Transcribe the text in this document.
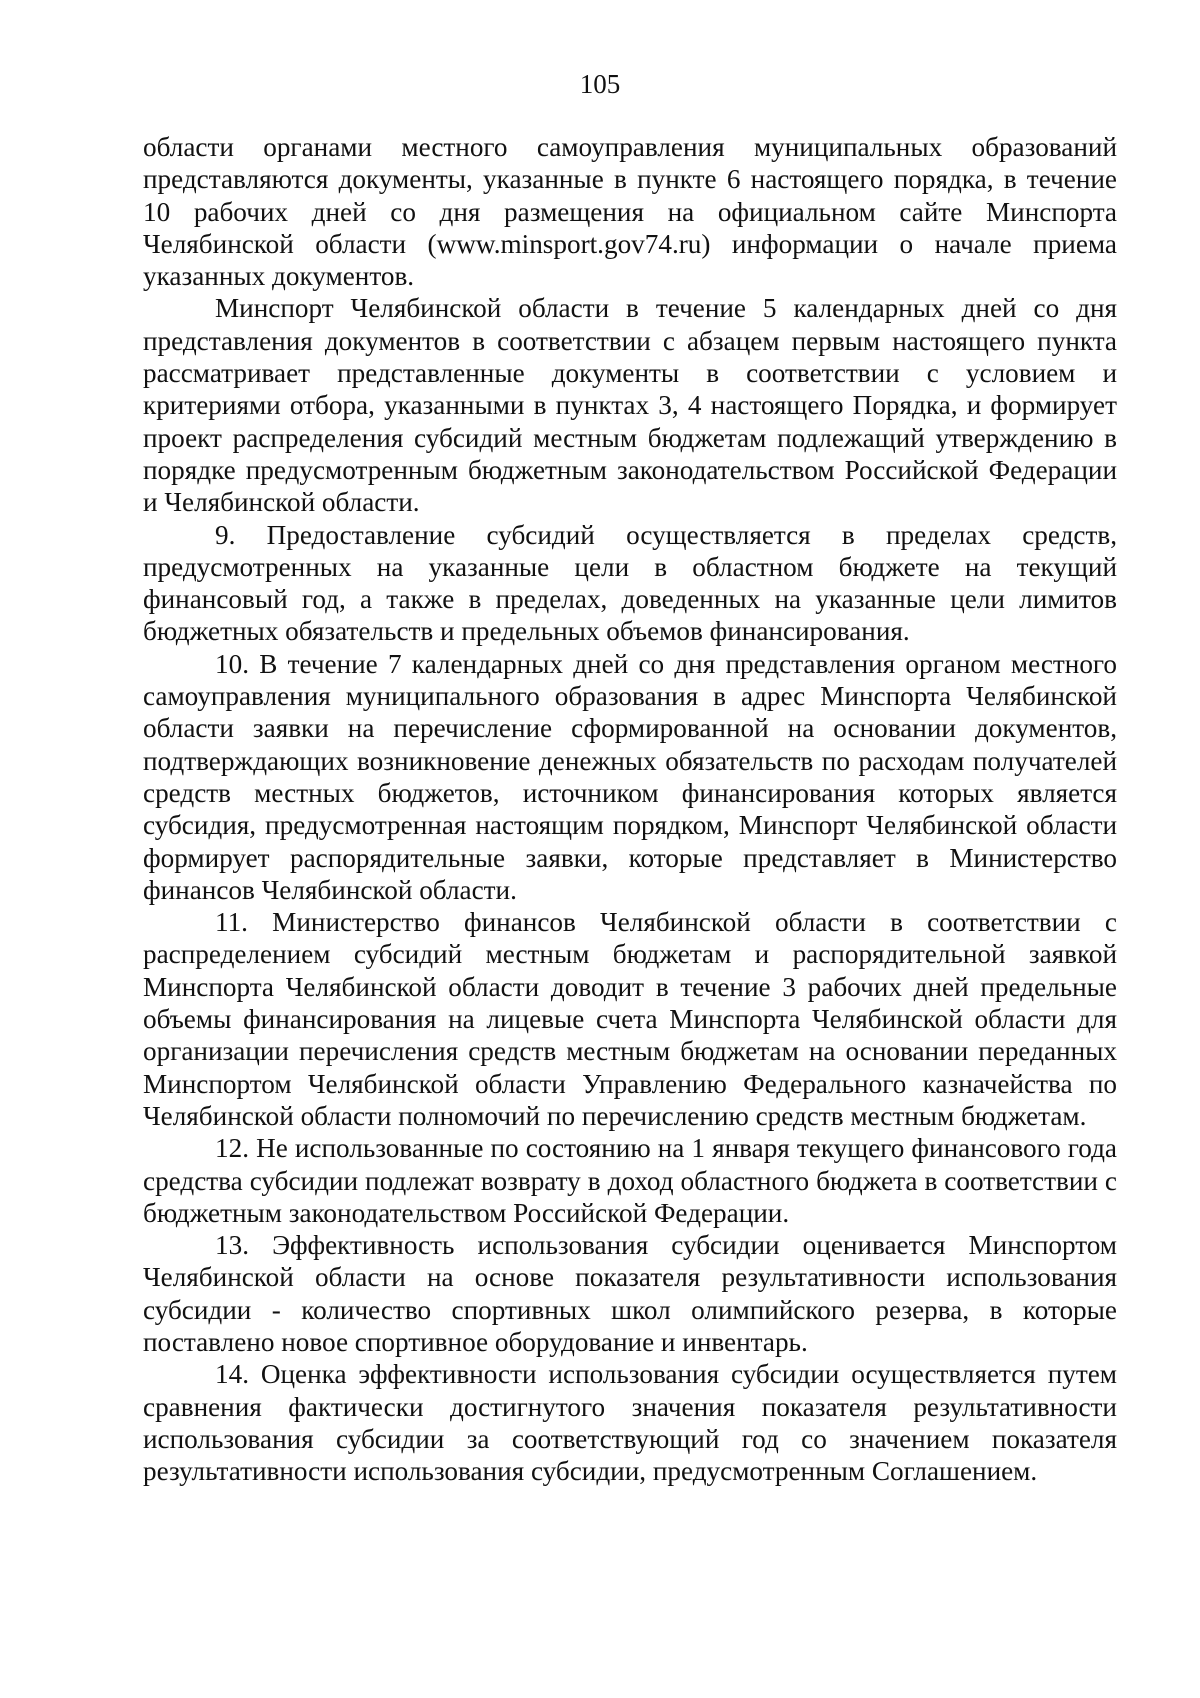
105

области органами местного самоуправления муниципальных образований представляются документы, указанные в пункте 6 настоящего порядка, в течение 10 рабочих дней со дня размещения на официальном сайте Минспорта Челябинской области (www.minsport.gov74.ru) информации о начале приема указанных документов.

Минспорт Челябинской области в течение 5 календарных дней со дня представления документов в соответствии с абзацем первым настоящего пункта рассматривает представленные документы в соответствии с условием и критериями отбора, указанными в пунктах 3, 4 настоящего Порядка, и формирует проект распределения субсидий местным бюджетам подлежащий утверждению в порядке предусмотренным бюджетным законодательством Российской Федерации и Челябинской области.

9. Предоставление субсидий осуществляется в пределах средств, предусмотренных на указанные цели в областном бюджете на текущий финансовый год, а также в пределах, доведенных на указанные цели лимитов бюджетных обязательств и предельных объемов финансирования.

10. В течение 7 календарных дней со дня представления органом местного самоуправления муниципального образования в адрес Минспорта Челябинской области заявки на перечисление сформированной на основании документов, подтверждающих возникновение денежных обязательств по расходам получателей средств местных бюджетов, источником финансирования которых является субсидия, предусмотренная настоящим порядком, Минспорт Челябинской области формирует распорядительные заявки, которые представляет в Министерство финансов Челябинской области.

11. Министерство финансов Челябинской области в соответствии с распределением субсидий местным бюджетам и распорядительной заявкой Минспорта Челябинской области доводит в течение 3 рабочих дней предельные объемы финансирования на лицевые счета Минспорта Челябинской области для организации перечисления средств местным бюджетам на основании переданных Минспортом Челябинской области Управлению Федерального казначейства по Челябинской области полномочий по перечислению средств местным бюджетам.

12. Не использованные по состоянию на 1 января текущего финансового года средства субсидии подлежат возврату в доход областного бюджета в соответствии с бюджетным законодательством Российской Федерации.

13. Эффективность использования субсидии оценивается Минспортом Челябинской области на основе показателя результативности использования субсидии - количество спортивных школ олимпийского резерва, в которые поставлено новое спортивное оборудование и инвентарь.

14. Оценка эффективности использования субсидии осуществляется путем сравнения фактически достигнутого значения показателя результативности использования субсидии за соответствующий год со значением показателя результативности использования субсидии, предусмотренным Соглашением.
